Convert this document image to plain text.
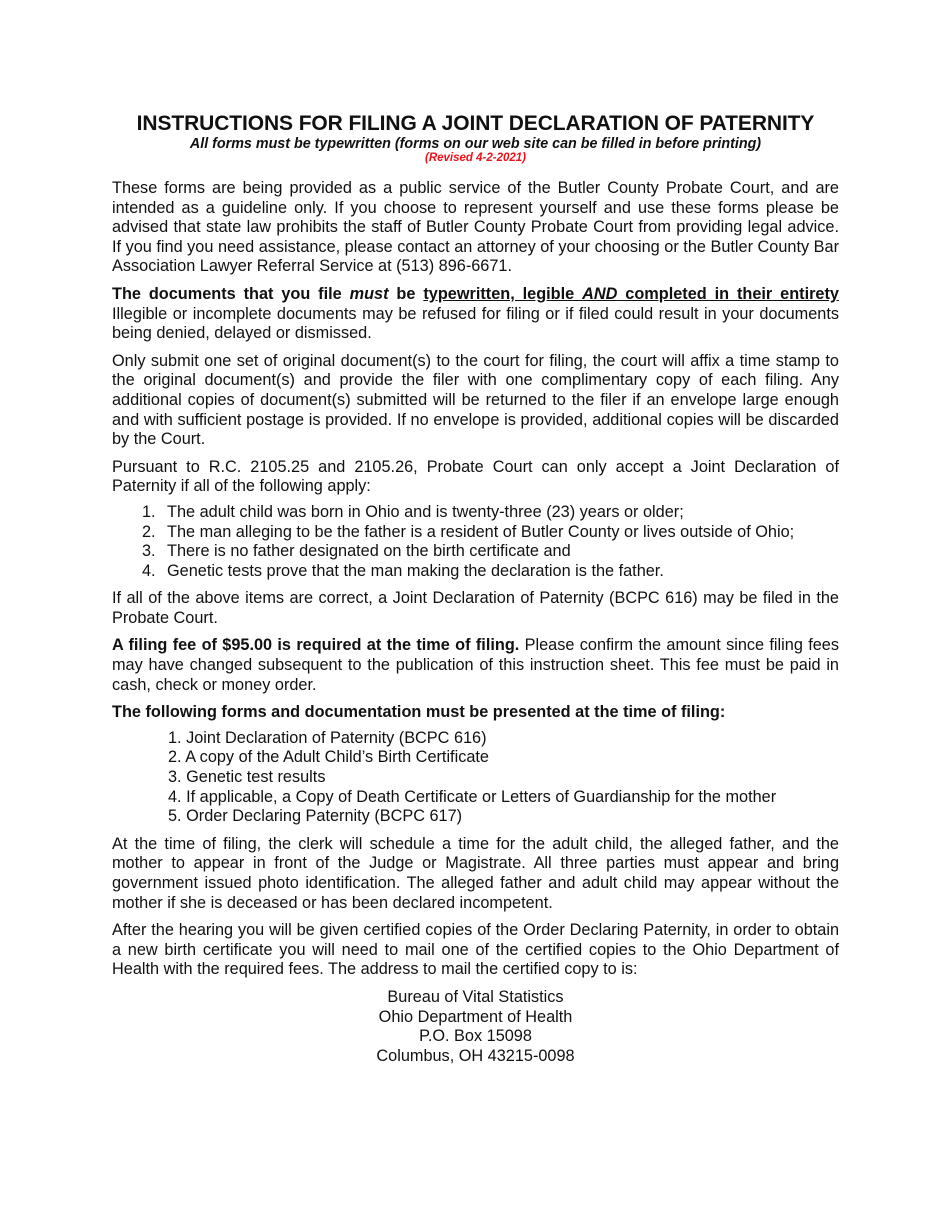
INSTRUCTIONS FOR FILING A JOINT DECLARATION OF PATERNITY
All forms must be typewritten (forms on our web site can be filled in before printing)
(Revised 4-2-2021)

These forms are being provided as a public service of the Butler County Probate Court, and are intended as a guideline only. If you choose to represent yourself and use these forms please be advised that state law prohibits the staff of Butler County Probate Court from providing legal advice. If you find you need assistance, please contact an attorney of your choosing or the Butler County Bar Association Lawyer Referral Service at (513) 896-6671.

The documents that you file must be typewritten, legible AND completed in their entirety Illegible or incomplete documents may be refused for filing or if filed could result in your documents being denied, delayed or dismissed.

Only submit one set of original document(s) to the court for filing, the court will affix a time stamp to the original document(s) and provide the filer with one complimentary copy of each filing. Any additional copies of document(s) submitted will be returned to the filer if an envelope large enough and with sufficient postage is provided. If no envelope is provided, additional copies will be discarded by the Court.

Pursuant to R.C. 2105.25 and 2105.26, Probate Court can only accept a Joint Declaration of Paternity if all of the following apply:

1. The adult child was born in Ohio and is twenty-three (23) years or older;
2. The man alleging to be the father is a resident of Butler County or lives outside of Ohio;
3. There is no father designated on the birth certificate and
4. Genetic tests prove that the man making the declaration is the father.

If all of the above items are correct, a Joint Declaration of Paternity (BCPC 616) may be filed in the Probate Court.

A filing fee of $95.00 is required at the time of filing. Please confirm the amount since filing fees may have changed subsequent to the publication of this instruction sheet. This fee must be paid in cash, check or money order.

The following forms and documentation must be presented at the time of filing:

1. Joint Declaration of Paternity (BCPC 616)
2. A copy of the Adult Child’s Birth Certificate
3. Genetic test results
4. If applicable, a Copy of Death Certificate or Letters of Guardianship for the mother
5. Order Declaring Paternity (BCPC 617)

At the time of filing, the clerk will schedule a time for the adult child, the alleged father, and the mother to appear in front of the Judge or Magistrate. All three parties must appear and bring government issued photo identification. The alleged father and adult child may appear without the mother if she is deceased or has been declared incompetent.

After the hearing you will be given certified copies of the Order Declaring Paternity, in order to obtain a new birth certificate you will need to mail one of the certified copies to the Ohio Department of Health with the required fees. The address to mail the certified copy to is:

Bureau of Vital Statistics
Ohio Department of Health
P.O. Box 15098
Columbus, OH 43215-0098
